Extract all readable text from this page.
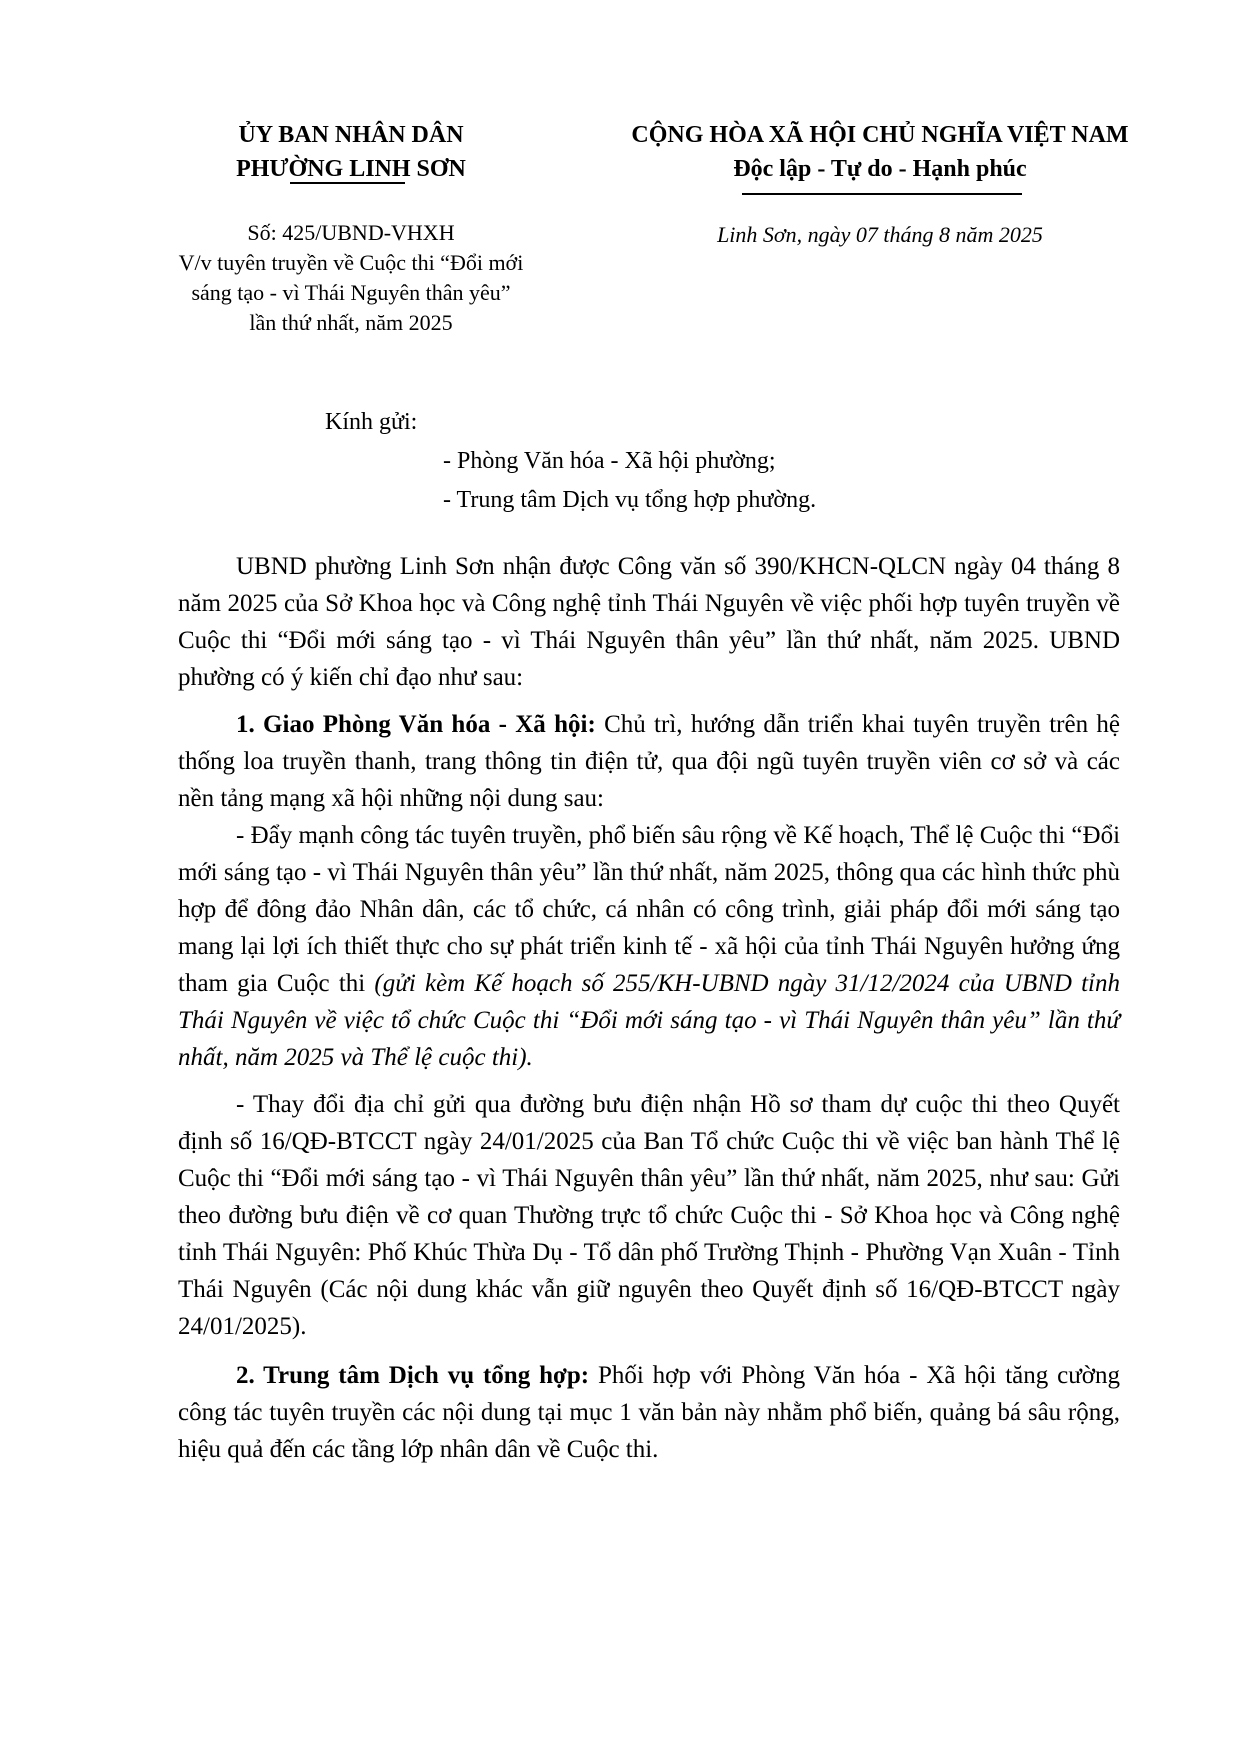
ỦY BAN NHÂN DÂN
PHƯỜNG LINH SƠN
Số: 425/UBND-VHXH
V/v tuyên truyền về Cuộc thi “Đổi mới
sáng tạo - vì Thái Nguyên thân yêu”
lần thứ nhất, năm 2025
CỘNG HÒA XÃ HỘI CHỦ NGHĨA VIỆT NAM
Độc lập - Tự do - Hạnh phúc
Linh Sơn, ngày 07 tháng 8 năm 2025
Kính gửi:
- Phòng Văn hóa - Xã hội phường;
- Trung tâm Dịch vụ tổng hợp phường.

UBND phường Linh Sơn nhận được Công văn số 390/KHCN-QLCN ngày 04 tháng 8 năm 2025 của Sở Khoa học và Công nghệ tỉnh Thái Nguyên về việc phối hợp tuyên truyền về Cuộc thi “Đổi mới sáng tạo - vì Thái Nguyên thân yêu” lần thứ nhất, năm 2025. UBND phường có ý kiến chỉ đạo như sau:

1. Giao Phòng Văn hóa - Xã hội: Chủ trì, hướng dẫn triển khai tuyên truyền trên hệ thống loa truyền thanh, trang thông tin điện tử, qua đội ngũ tuyên truyền viên cơ sở và các nền tảng mạng xã hội những nội dung sau:

- Đẩy mạnh công tác tuyên truyền, phổ biến sâu rộng về Kế hoạch, Thể lệ Cuộc thi “Đổi mới sáng tạo - vì Thái Nguyên thân yêu” lần thứ nhất, năm 2025, thông qua các hình thức phù hợp để đông đảo Nhân dân, các tổ chức, cá nhân có công trình, giải pháp đổi mới sáng tạo mang lại lợi ích thiết thực cho sự phát triển kinh tế - xã hội của tỉnh Thái Nguyên hưởng ứng tham gia Cuộc thi (gửi kèm Kế hoạch số 255/KH-UBND ngày 31/12/2024 của UBND tỉnh Thái Nguyên về việc tổ chức Cuộc thi “Đổi mới sáng tạo - vì Thái Nguyên thân yêu” lần thứ nhất, năm 2025 và Thể lệ cuộc thi).

- Thay đổi địa chỉ gửi qua đường bưu điện nhận Hồ sơ tham dự cuộc thi theo Quyết định số 16/QĐ-BTCCT ngày 24/01/2025 của Ban Tổ chức Cuộc thi về việc ban hành Thể lệ Cuộc thi “Đổi mới sáng tạo - vì Thái Nguyên thân yêu” lần thứ nhất, năm 2025, như sau: Gửi theo đường bưu điện về cơ quan Thường trực tổ chức Cuộc thi - Sở Khoa học và Công nghệ tỉnh Thái Nguyên: Phố Khúc Thừa Dụ - Tổ dân phố Trường Thịnh - Phường Vạn Xuân - Tỉnh Thái Nguyên (Các nội dung khác vẫn giữ nguyên theo Quyết định số 16/QĐ-BTCCT ngày 24/01/2025).

2. Trung tâm Dịch vụ tổng hợp: Phối hợp với Phòng Văn hóa - Xã hội tăng cường công tác tuyên truyền các nội dung tại mục 1 văn bản này nhằm phổ biến, quảng bá sâu rộng, hiệu quả đến các tầng lớp nhân dân về Cuộc thi.
